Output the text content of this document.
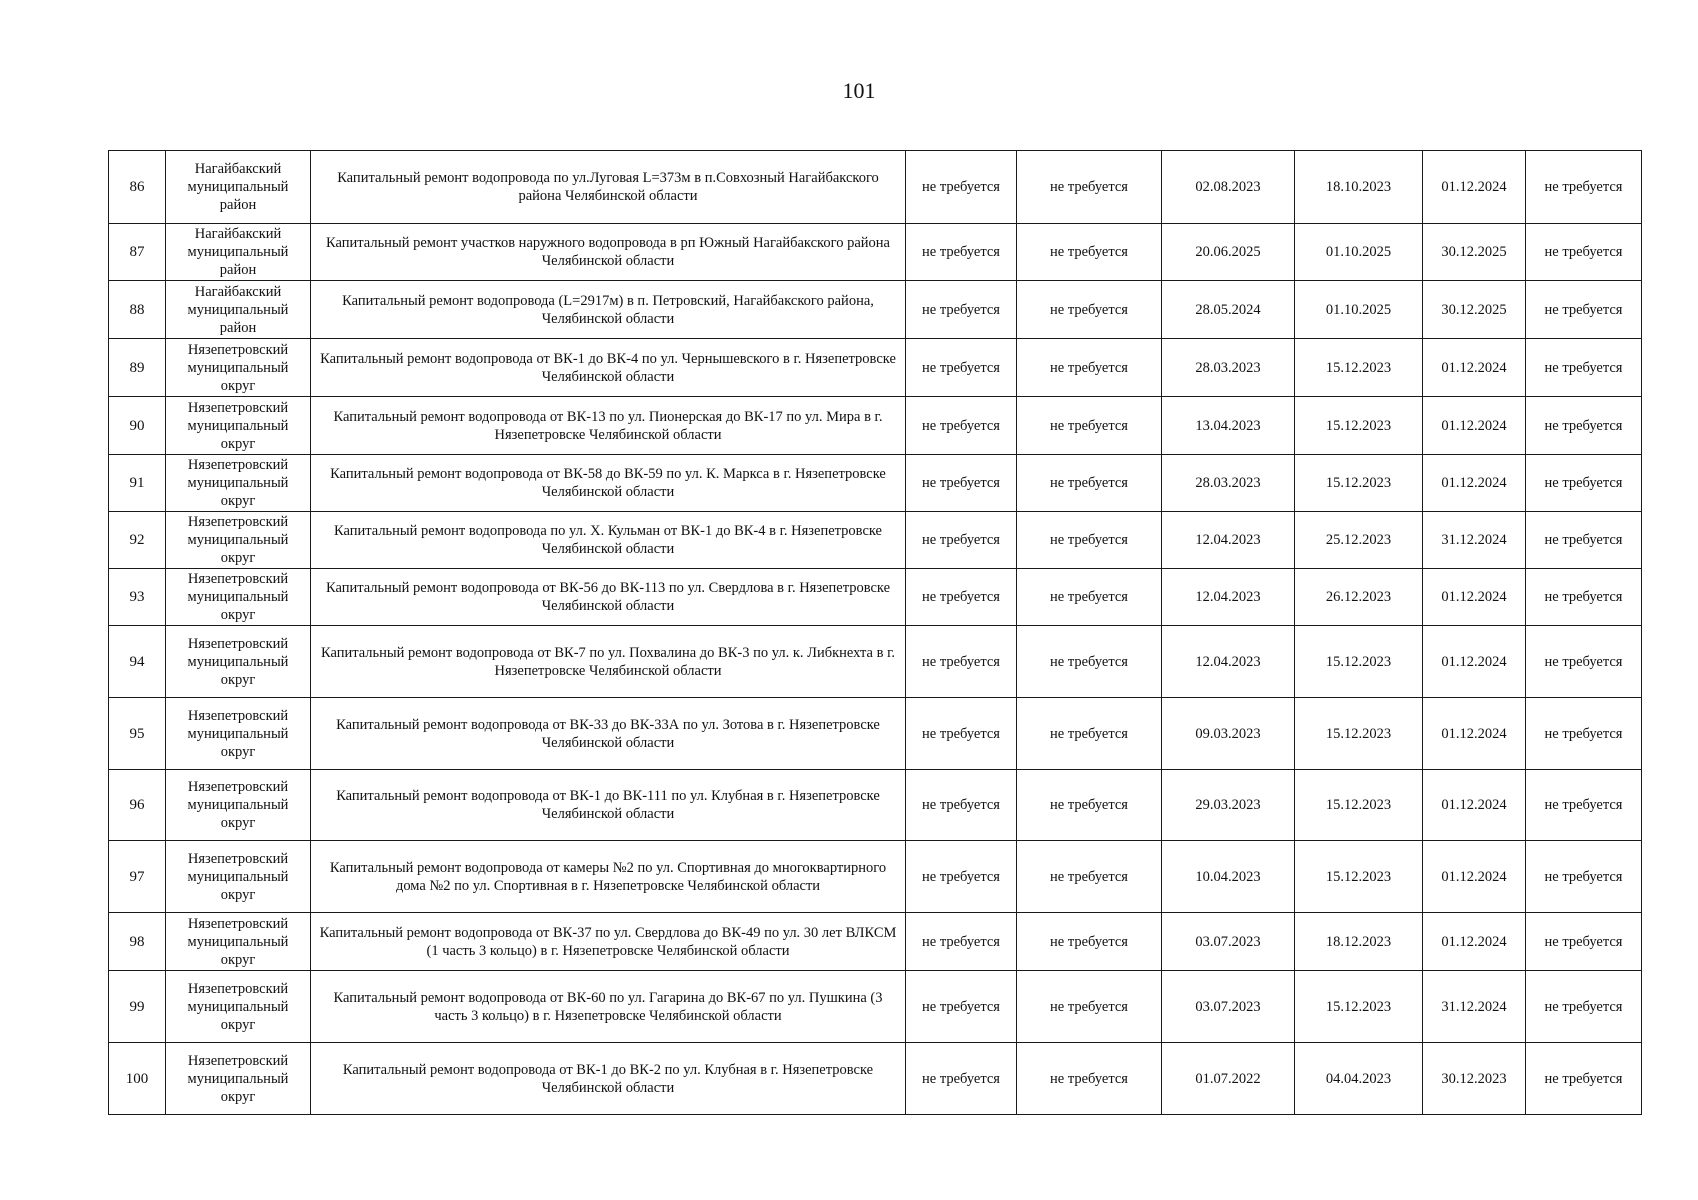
101
86	Нагайбакский муниципальный район	Капитальный ремонт водопровода по ул.Луговая L=373м в п.Совхозный Нагайбакского района Челябинской области	не требуется	не требуется	02.08.2023	18.10.2023	01.12.2024	не требуется
87	Нагайбакский муниципальный район	Капитальный ремонт участков наружного водопровода в рп Южный Нагайбакского района Челябинской области	не требуется	не требуется	20.06.2025	01.10.2025	30.12.2025	не требуется
88	Нагайбакский муниципальный район	Капитальный ремонт водопровода (L=2917м) в п. Петровский, Нагайбакского района, Челябинской области	не требуется	не требуется	28.05.2024	01.10.2025	30.12.2025	не требуется
89	Нязепетровский муниципальный округ	Капитальный ремонт водопровода от ВК-1 до ВК-4 по ул. Чернышевского в г. Нязепетровске Челябинской области	не требуется	не требуется	28.03.2023	15.12.2023	01.12.2024	не требуется
90	Нязепетровский муниципальный округ	Капитальный ремонт водопровода от ВК-13 по ул. Пионерская до ВК-17 по ул. Мира в г. Нязепетровске Челябинской области	не требуется	не требуется	13.04.2023	15.12.2023	01.12.2024	не требуется
91	Нязепетровский муниципальный округ	Капитальный ремонт водопровода от ВК-58 до ВК-59 по ул. К. Маркса в г. Нязепетровске Челябинской области	не требуется	не требуется	28.03.2023	15.12.2023	01.12.2024	не требуется
92	Нязепетровский муниципальный округ	Капитальный ремонт водопровода по ул. Х. Кульман от ВК-1 до ВК-4 в г. Нязепетровске Челябинской области	не требуется	не требуется	12.04.2023	25.12.2023	31.12.2024	не требуется
93	Нязепетровский муниципальный округ	Капитальный ремонт водопровода от ВК-56 до ВК-113 по ул. Свердлова в г. Нязепетровске Челябинской области	не требуется	не требуется	12.04.2023	26.12.2023	01.12.2024	не требуется
94	Нязепетровский муниципальный округ	Капитальный ремонт водопровода от ВК-7 по ул. Похвалина до ВК-3 по ул. к. Либкнехта в г. Нязепетровске Челябинской области	не требуется	не требуется	12.04.2023	15.12.2023	01.12.2024	не требуется
95	Нязепетровский муниципальный округ	Капитальный ремонт водопровода от ВК-33 до ВК-33А по ул. Зотова в г. Нязепетровске Челябинской области	не требуется	не требуется	09.03.2023	15.12.2023	01.12.2024	не требуется
96	Нязепетровский муниципальный округ	Капитальный ремонт водопровода от ВК-1 до ВК-111 по ул. Клубная в г. Нязепетровске Челябинской области	не требуется	не требуется	29.03.2023	15.12.2023	01.12.2024	не требуется
97	Нязепетровский муниципальный округ	Капитальный ремонт водопровода от камеры №2 по ул. Спортивная до многоквартирного дома №2 по ул. Спортивная в г. Нязепетровске Челябинской области	не требуется	не требуется	10.04.2023	15.12.2023	01.12.2024	не требуется
98	Нязепетровский муниципальный округ	Капитальный ремонт водопровода от ВК-37 по ул. Свердлова до ВК-49 по ул. 30 лет ВЛКСМ (1 часть 3 кольцо) в г. Нязепетровске Челябинской области	не требуется	не требуется	03.07.2023	18.12.2023	01.12.2024	не требуется
99	Нязепетровский муниципальный округ	Капитальный ремонт водопровода от ВК-60 по ул. Гагарина до ВК-67 по ул. Пушкина (3 часть 3 кольцо) в г. Нязепетровске Челябинской области	не требуется	не требуется	03.07.2023	15.12.2023	31.12.2024	не требуется
100	Нязепетровский муниципальный округ	Капитальный ремонт водопровода от ВК-1 до ВК-2 по ул. Клубная в г. Нязепетровске Челябинской области	не требуется	не требуется	01.07.2022	04.04.2023	30.12.2023	не требуется
